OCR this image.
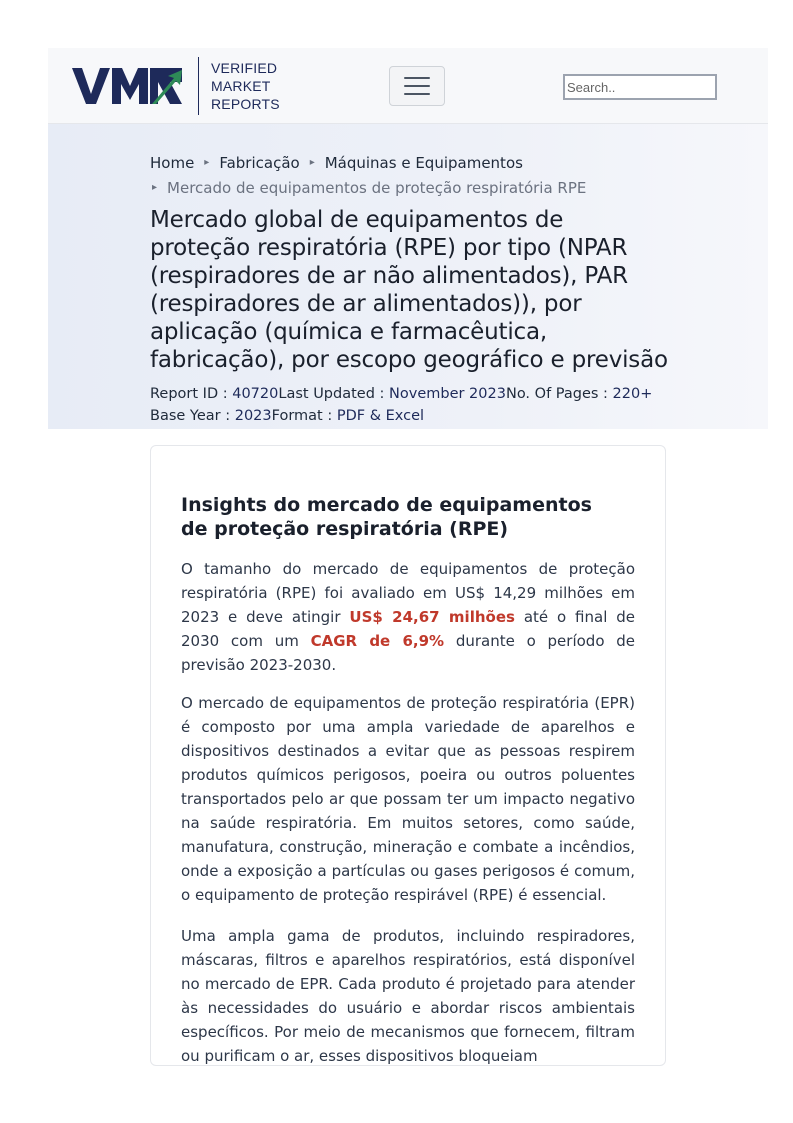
VERIFIED
MARKET
REPORTS
Search..
Home ▸ Fabricação ▸ Máquinas e Equipamentos
▸ Mercado de equipamentos de proteção respiratória RPE
Mercado global de equipamentos de proteção respiratória (RPE) por tipo (NPAR (respiradores de ar não alimentados), PAR (respiradores de ar alimentados)), por aplicação (química e farmacêutica, fabricação), por escopo geográfico e previsão
Report ID : 40720Last Updated : November 2023No. Of Pages : 220+
Base Year : 2023Format : PDF & Excel
Insights do mercado de equipamentos de proteção respiratória (RPE)

O tamanho do mercado de equipamentos de proteção respiratória (RPE) foi avaliado em US$ 14,29 milhões em 2023 e deve atingir US$ 24,67 milhões até o final de 2030 com um CAGR de 6,9% durante o período de previsão 2023-2030.

O mercado de equipamentos de proteção respiratória (EPR) é composto por uma ampla variedade de aparelhos e dispositivos destinados a evitar que as pessoas respirem produtos químicos perigosos, poeira ou outros poluentes transportados pelo ar que possam ter um impacto negativo na saúde respiratória. Em muitos setores, como saúde, manufatura, construção, mineração e combate a incêndios, onde a exposição a partículas ou gases perigosos é comum, o equipamento de proteção respirável (RPE) é essencial.

Uma ampla gama de produtos, incluindo respiradores, máscaras, filtros e aparelhos respiratórios, está disponível no mercado de EPR. Cada produto é projetado para atender às necessidades do usuário e abordar riscos ambientais específicos. Por meio de mecanismos que fornecem, filtram ou purificam o ar, esses dispositivos bloqueiam
